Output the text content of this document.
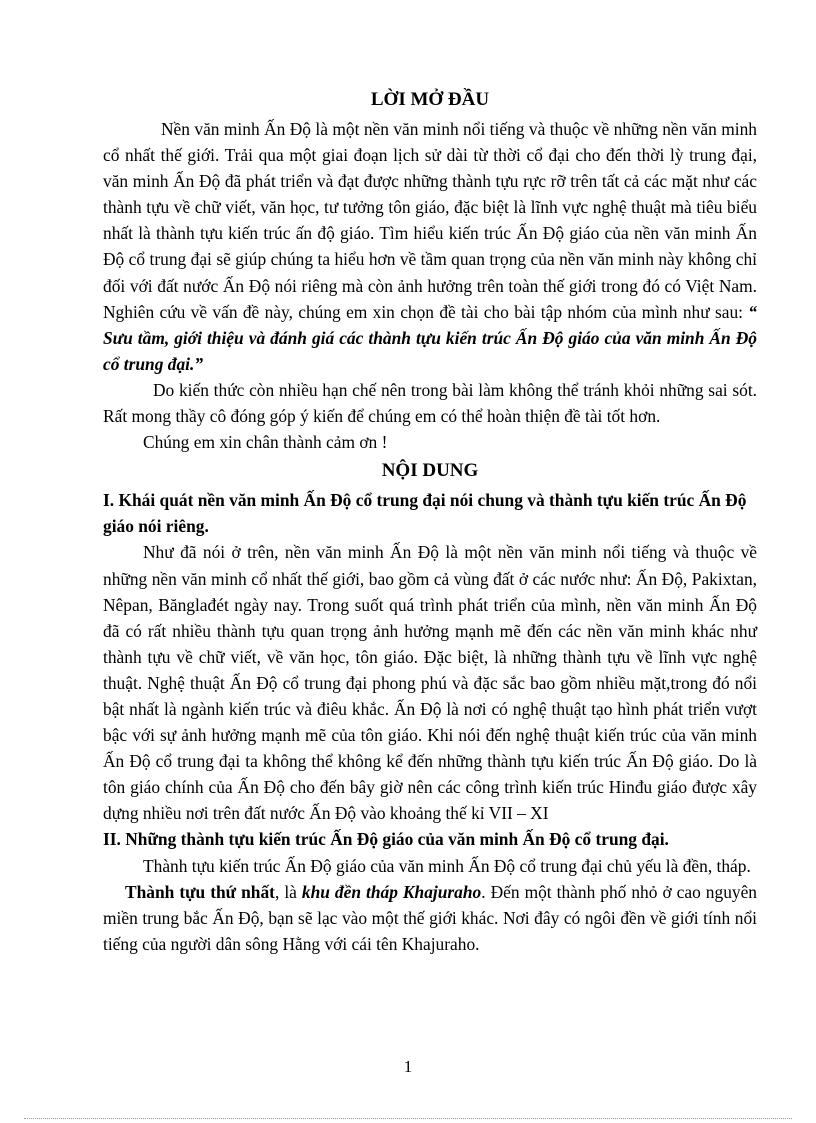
LỜI MỞ ĐẦU

Nền văn minh Ấn Độ là một nền văn minh nổi tiếng và thuộc về những nền văn minh cổ nhất thế giới. Trải qua một giai đoạn lịch sử dài từ thời cổ đại cho đến thời lỳ trung đại, văn minh Ấn Độ đã phát triển và đạt được những thành tựu rực rỡ trên tất cả các mặt như các thành tựu về chữ viết, văn học, tư tưởng tôn giáo, đặc biệt là lĩnh vực nghệ thuật mà tiêu biểu nhất là thành tựu kiến trúc ấn độ giáo. Tìm hiểu kiến trúc Ấn Độ giáo của nền văn minh Ấn Độ cổ trung đại sẽ giúp chúng ta hiểu hơn về tầm quan trọng của nền văn minh này không chỉ đối với đất nước Ấn Độ nói riêng mà còn ảnh hưởng trên toàn thế giới trong đó có Việt Nam. Nghiên cứu về vấn đề này, chúng em xin chọn đề tài cho bài tập nhóm của mình như sau: “ Sưu tầm, giới thiệu và đánh giá các thành tựu kiến trúc Ấn Độ giáo của văn minh Ấn Độ cổ trung đại.”

Do kiến thức còn nhiều hạn chế nên trong bài làm không thể tránh khỏi những sai sót. Rất mong thầy cô đóng góp ý kiến để chúng em có thể hoàn thiện đề tài tốt hơn.

Chúng em xin chân thành cảm ơn !

NỘI DUNG

I. Khái quát nền văn minh Ấn Độ cổ trung đại nói chung và thành tựu kiến trúc Ấn Độ giáo nói riêng.

Như đã nói ở trên, nền văn minh Ấn Độ là một nền văn minh nổi tiếng và thuộc về những nền văn minh cổ nhất thế giới, bao gồm cả vùng đất ở các nước như: Ấn Độ, Pakixtan, Nêpan, Bănglađét ngày nay. Trong suốt quá trình phát triển của mình, nền văn minh Ấn Độ đã có rất nhiều thành tựu quan trọng ảnh hưởng mạnh mẽ đến các nền văn minh khác như thành tựu về chữ viết, về văn học, tôn giáo. Đặc biệt, là những thành tựu về lĩnh vực nghệ thuật. Nghệ thuật Ấn Độ cổ trung đại phong phú và đặc sắc bao gồm nhiều mặt,trong đó nổi bật nhất là ngành kiến trúc và điêu khắc. Ấn Độ là nơi có nghệ thuật tạo hình phát triển vượt bậc với sự ảnh hưởng mạnh mẽ của tôn giáo. Khi nói đến nghệ thuật kiến trúc của văn minh Ấn Độ cổ trung đại ta không thể không kể đến những thành tựu kiến trúc Ấn Độ giáo. Do là tôn giáo chính của Ấn Độ cho đến bây giờ nên các công trình kiến trúc Hinđu giáo được xây dựng nhiều nơi trên đất nước Ấn Độ vào khoảng thế kỉ VII – XI

II. Những thành tựu kiến trúc Ấn Độ giáo của văn minh Ấn Độ cổ trung đại.

Thành tựu kiến trúc Ấn Độ giáo của văn minh Ấn Độ cổ trung đại chủ yếu là đền, tháp.

Thành tựu thứ nhất, là khu đền tháp Khajuraho. Đến một thành phố nhỏ ở cao nguyên miền trung bắc Ấn Độ, bạn sẽ lạc vào một thế giới khác. Nơi đây có ngôi đền về giới tính nổi tiếng của người dân sông Hằng với cái tên Khajuraho.

1
